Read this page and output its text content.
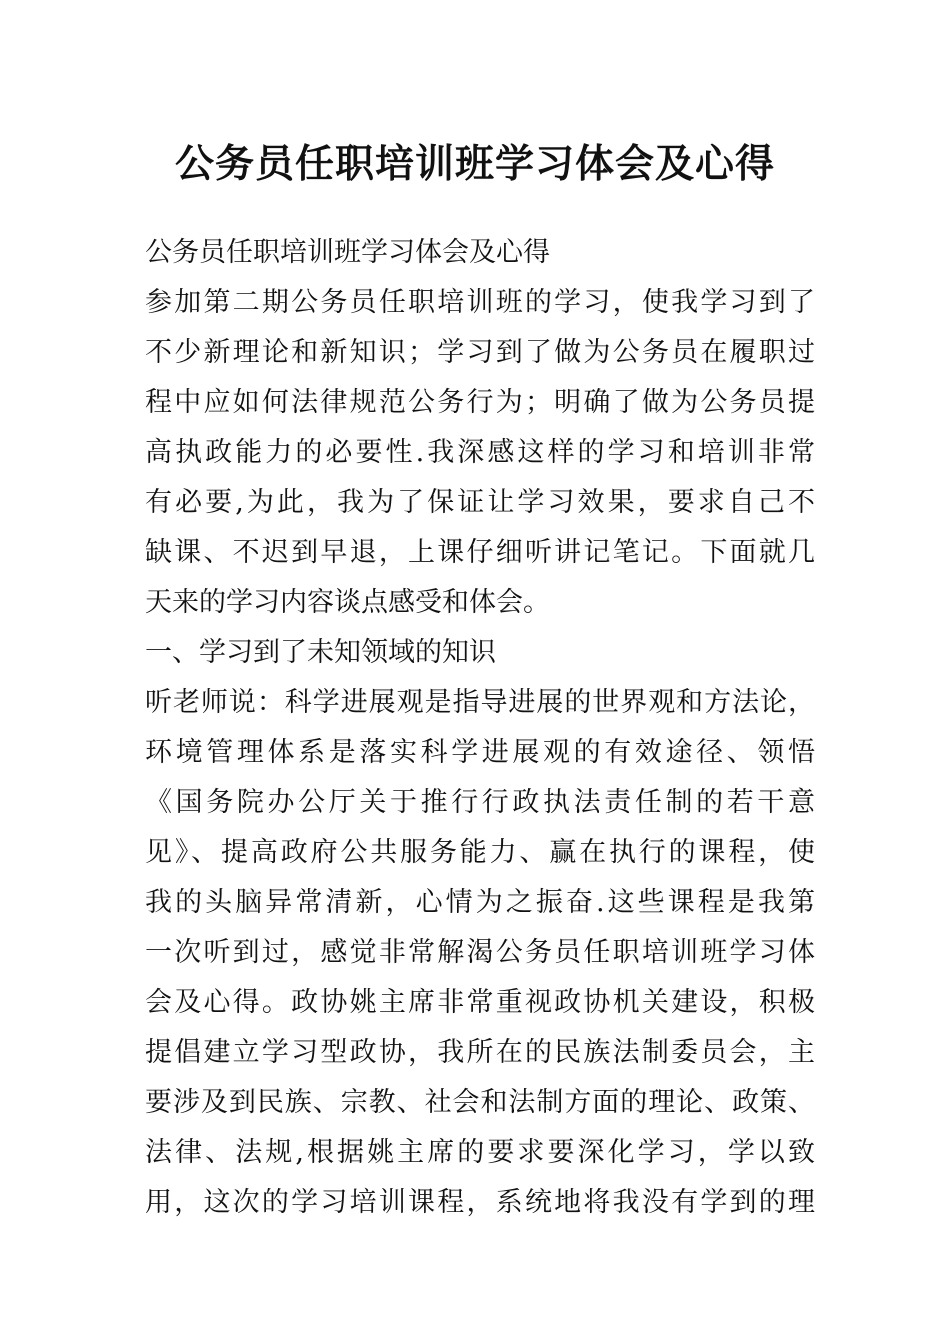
公务员任职培训班学习体会及心得
公务员任职培训班学习体会及心得
参加第二期公务员任职培训班的学习，使我学习到了
不少新理论和新知识；学习到了做为公务员在履职过
程中应如何法律规范公务行为；明确了做为公务员提
高执政能力的必要性.我深感这样的学习和培训非常
有必要,为此，我为了保证让学习效果，要求自己不
缺课、不迟到早退，上课仔细听讲记笔记。下面就几
天来的学习内容谈点感受和体会。
一、学习到了未知领域的知识
听老师说：科学进展观是指导进展的世界观和方法论，
环境管理体系是落实科学进展观的有效途径、领悟
《国务院办公厅关于推行行政执法责任制的若干意
见》、提高政府公共服务能力、赢在执行的课程，使
我的头脑异常清新，心情为之振奋.这些课程是我第
一次听到过，感觉非常解渴公务员任职培训班学习体
会及心得。政协姚主席非常重视政协机关建设，积极
提倡建立学习型政协，我所在的民族法制委员会，主
要涉及到民族、宗教、社会和法制方面的理论、政策、
法律、法规,根据姚主席的要求要深化学习，学以致
用，这次的学习培训课程，系统地将我没有学到的理
